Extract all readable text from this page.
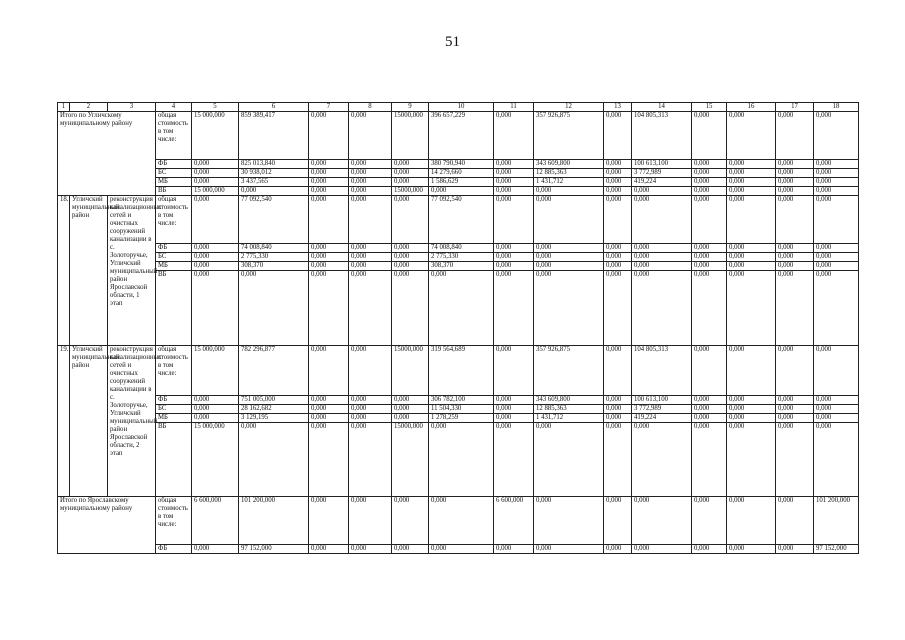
51
1	2	3	4	5	6	7	8	9	10	11	12	13	14	15	16	17	18
Итого по Угличскому муниципальному району			общая стоимость в том числе:	15 000,000	859 389,417	0,000	0,000	15000,000	396 657,229	0,000	357 926,875	0,000	104 805,313	0,000	0,000	0,000	0,000
			ФБ	0,000	825 013,840	0,000	0,000	0,000	380 790,940	0,000	343 609,800	0,000	100 613,100	0,000	0,000	0,000	0,000
			БС	0,000	30 938,012	0,000	0,000	0,000	14 279,660	0,000	12 885,363	0,000	3 772,989	0,000	0,000	0,000	0,000
			МБ	0,000	3 437,565	0,000	0,000	0,000	1 586,629	0,000	1 431,712	0,000	419,224	0,000	0,000	0,000	0,000
			ВБ	15 000,000	0,000	0,000	0,000	15000,000	0,000	0,000	0,000	0,000	0,000	0,000	0,000	0,000	0,000
18.	Угличский муниципальный район	реконструкция канализационных сетей и очистных сооружений канализации в с. Золоторучье, Угличский муниципальный район Ярославской области, 1 этап	общая стоимость в том числе:	0,000	77 092,540	0,000	0,000	0,000	77 092,540	0,000	0,000	0,000	0,000	0,000	0,000	0,000	0,000
			ФБ	0,000	74 008,840	0,000	0,000	0,000	74 008,840	0,000	0,000	0,000	0,000	0,000	0,000	0,000	0,000
			БС	0,000	2 775,330	0,000	0,000	0,000	2 775,330	0,000	0,000	0,000	0,000	0,000	0,000	0,000	0,000
			МБ	0,000	308,370	0,000	0,000	0,000	308,370	0,000	0,000	0,000	0,000	0,000	0,000	0,000	0,000
			ВБ	0,000	0,000	0,000	0,000	0,000	0,000	0,000	0,000	0,000	0,000	0,000	0,000	0,000	0,000
19.	Угличский муниципальный район	реконструкция канализационных сетей и очистных сооружений канализации в с. Золоторучье, Угличский муниципальный район Ярославской области, 2 этап	общая стоимость в том числе:	15 000,000	782 296,877	0,000	0,000	15000,000	319 564,689	0,000	357 926,875	0,000	104 805,313	0,000	0,000	0,000	0,000
			ФБ	0,000	751 005,000	0,000	0,000	0,000	306 782,100	0,000	343 609,800	0,000	100 613,100	0,000	0,000	0,000	0,000
			БС	0,000	28 162,682	0,000	0,000	0,000	11 504,330	0,000	12 885,363	0,000	3 772,989	0,000	0,000	0,000	0,000
			МБ	0,000	3 129,195	0,000	0,000	0,000	1 278,259	0,000	1 431,712	0,000	419,224	0,000	0,000	0,000	0,000
			ВБ	15 000,000	0,000	0,000	0,000	15000,000	0,000	0,000	0,000	0,000	0,000	0,000	0,000	0,000	0,000
Итого по Ярославскому муниципальному району			общая стоимость в том числе:	6 600,000	101 200,000	0,000	0,000	0,000	0,000	6 600,000	0,000	0,000	0,000	0,000	0,000	0,000	101 200,000
			ФБ	0,000	97 152,000	0,000	0,000	0,000	0,000	0,000	0,000	0,000	0,000	0,000	0,000	0,000	97 152,000
